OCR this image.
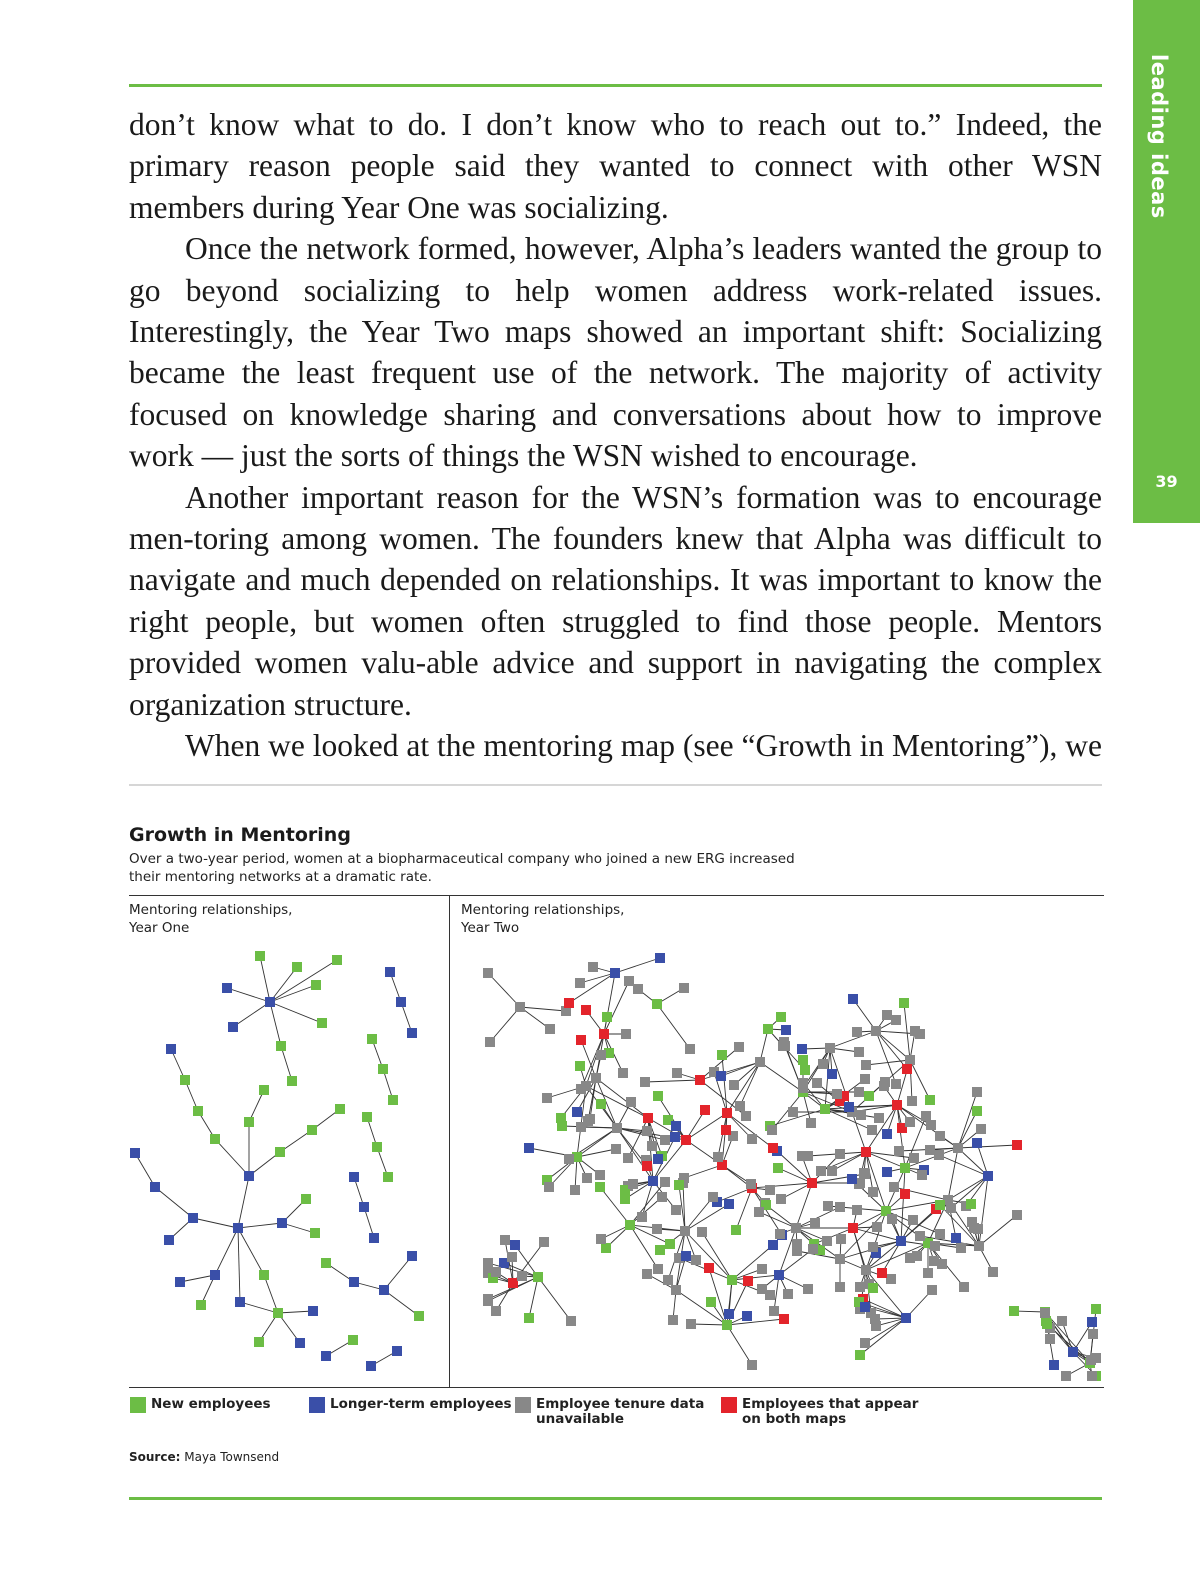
leading ideas
39

don’t know what to do. I don’t know who to reach out to.” Indeed, the primary reason people said they wanted to connect with other WSN members during Year One was socializing.

Once the network formed, however, Alpha’s leaders wanted the group to go beyond socializing to help women address work-related issues. Interestingly, the Year Two maps showed an important shift: Socializing became the least frequent use of the network. The majority of activity focused on knowledge sharing and conversations about how to improve work — just the sorts of things the WSN wished to encourage.

Another important reason for the WSN’s formation was to encourage men-toring among women. The founders knew that Alpha was difficult to navigate and much depended on relationships. It was important to know the right people, but women often struggled to find those people. Mentors provided women valu-able advice and support in navigating the complex organization structure.

When we looked at the mentoring map (see “Growth in Mentoring”), we

Growth in Mentoring
Over a two-year period, women at a biopharmaceutical company who joined a new ERG increased their mentoring networks at a dramatic rate.
Mentoring relationships,
Year One
Mentoring relationships,
Year Two
New employees	Longer-term employees Employee tenure data
unavailable
Employees that appear
on both maps
Source: Maya Townsend
